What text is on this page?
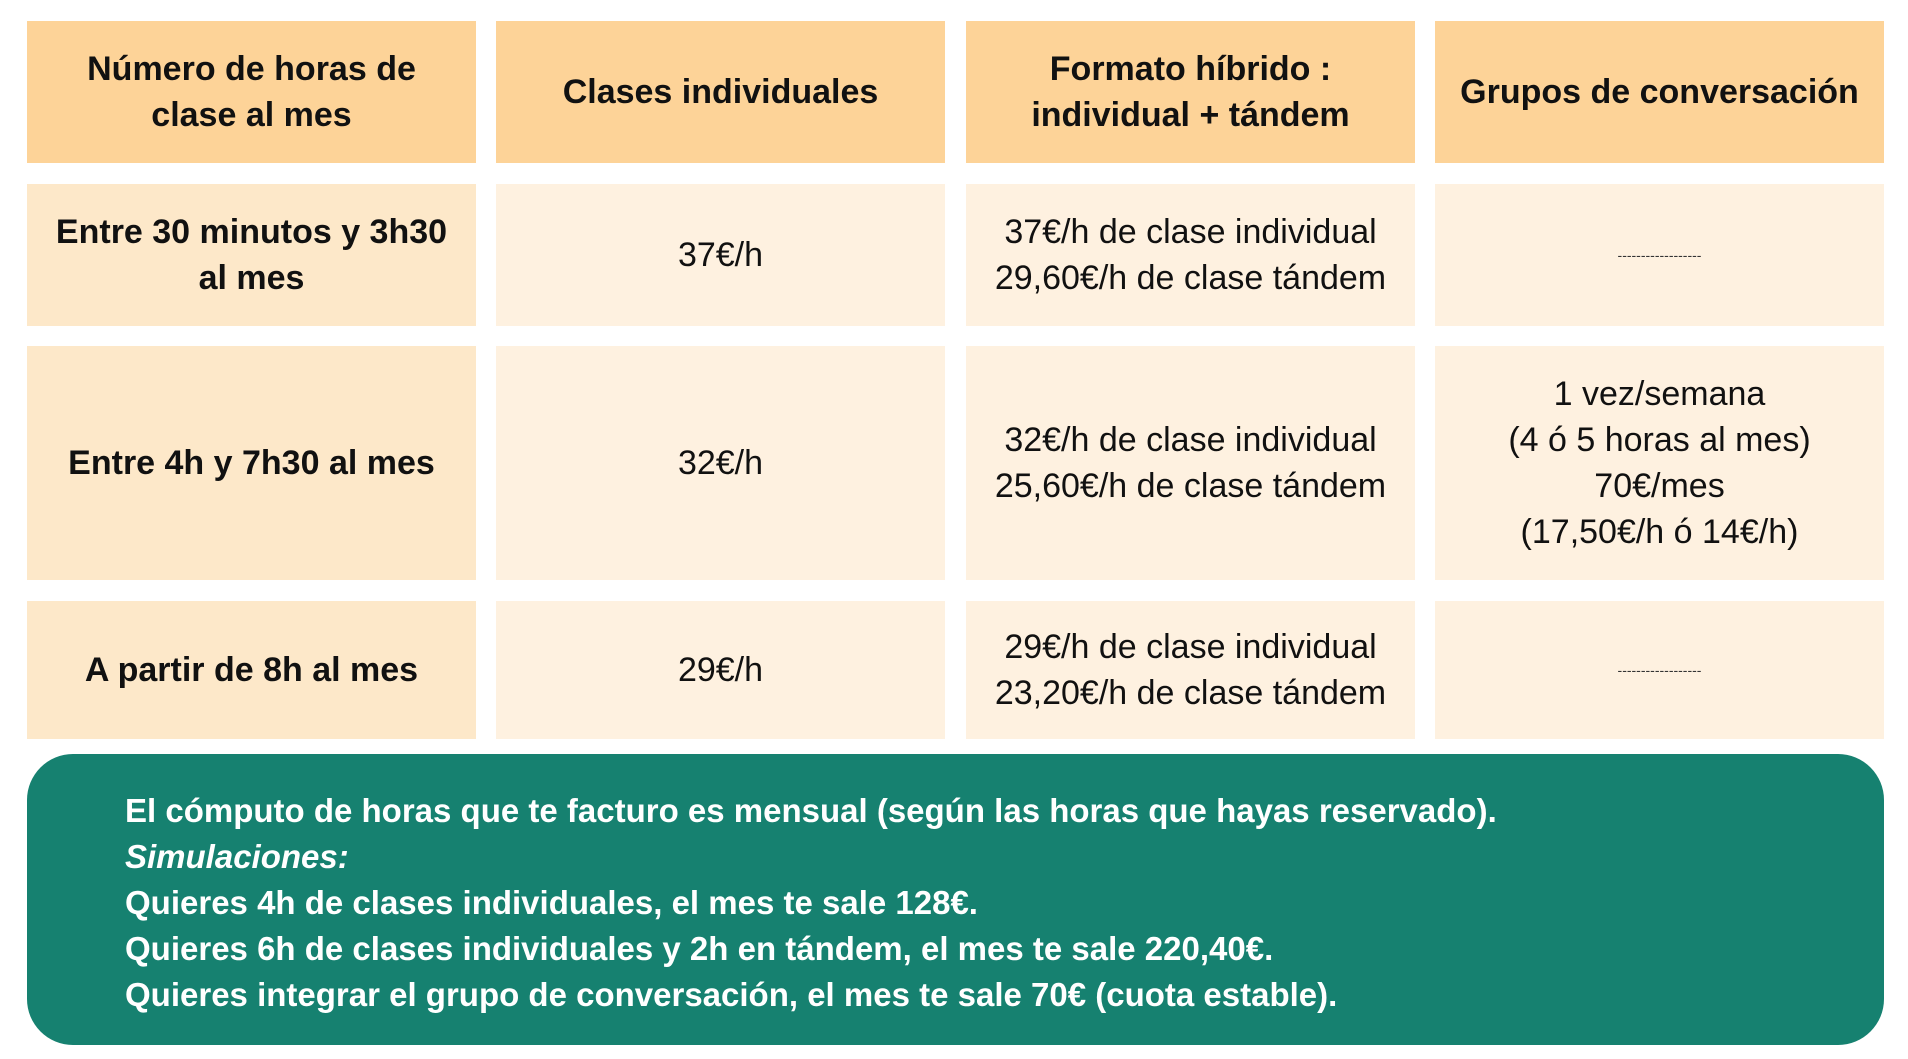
Número de horas de
clase al mes
Clases individuales
Formato híbrido :
individual + tándem
Grupos de conversación
Entre 30 minutos y 3h30
al mes
37€/h
37€/h de clase individual
29,60€/h de clase tándem
------------------
Entre 4h y 7h30 al mes	32€/h
32€/h de clase individual
25,60€/h de clase tándem
1 vez/semana
(4 ó 5 horas al mes)
70€/mes
(17,50€/h ó 14€/h)
A partir de 8h al mes	29€/h
29€/h de clase individual
23,20€/h de clase tándem
------------------
El cómputo de horas que te facturo es mensual (según las horas que hayas reservado).
Simulaciones:
Quieres 4h de clases individuales, el mes te sale 128€.
Quieres 6h de clases individuales y 2h en tándem, el mes te sale 220,40€.
Quieres integrar el grupo de conversación, el mes te sale 70€ (cuota estable).
